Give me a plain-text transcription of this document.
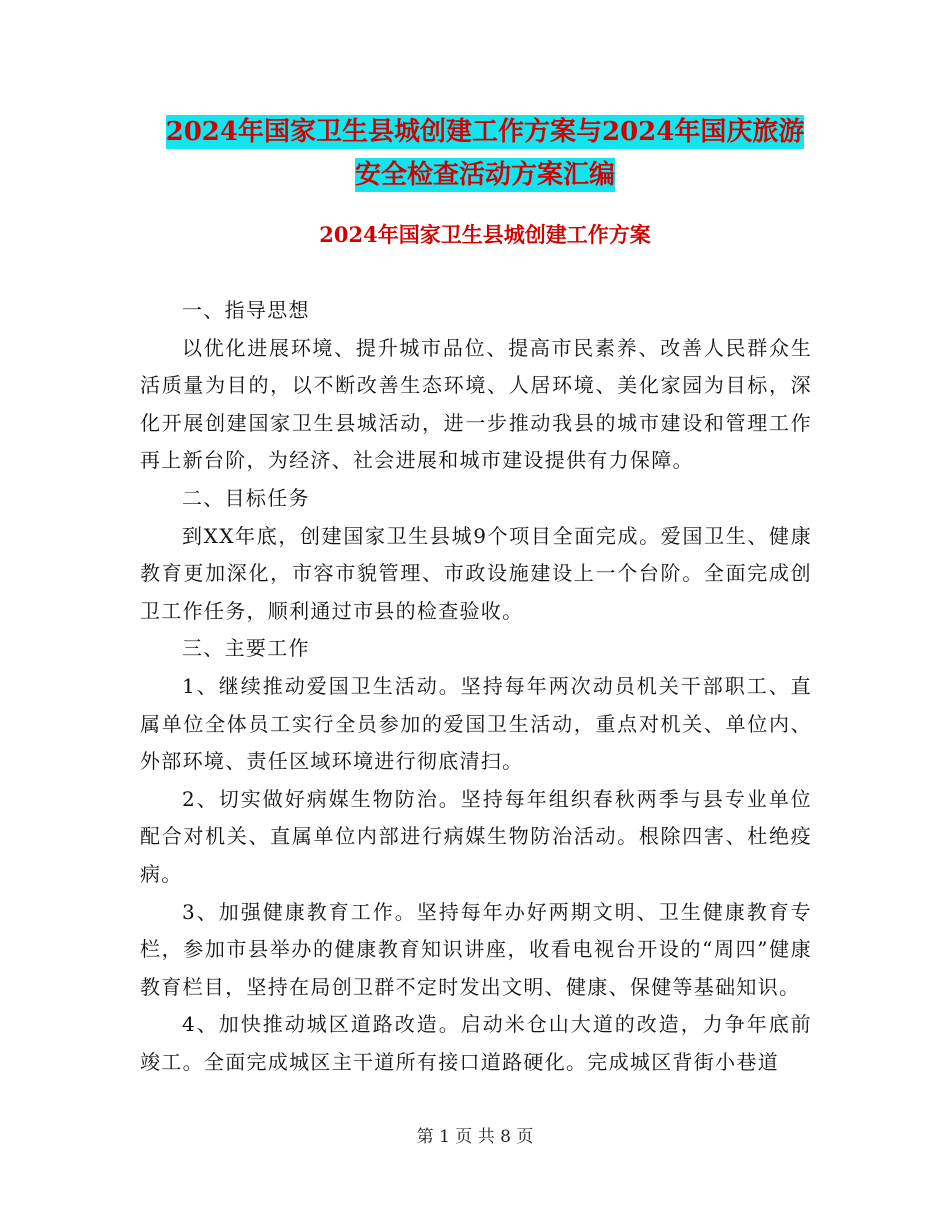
2024年国家卫生县城创建工作方案与2024年国庆旅游
安全检查活动方案汇编
2024年国家卫生县城创建工作方案

一、指导思想

以优化进展环境、提升城市品位、提高市民素养、改善人民群众生活质量为目的，以不断改善生态环境、人居环境、美化家园为目标，深化开展创建国家卫生县城活动，进一步推动我县的城市建设和管理工作再上新台阶，为经济、社会进展和城市建设提供有力保障。

二、目标任务

到XX年底，创建国家卫生县城9个项目全面完成。爱国卫生、健康教育更加深化，市容市貌管理、市政设施建设上一个台阶。全面完成创卫工作任务，顺利通过市县的检查验收。

三、主要工作

1、继续推动爱国卫生活动。坚持每年两次动员机关干部职工、直属单位全体员工实行全员参加的爱国卫生活动，重点对机关、单位内、外部环境、责任区域环境进行彻底清扫。

2、切实做好病媒生物防治。坚持每年组织春秋两季与县专业单位配合对机关、直属单位内部进行病媒生物防治活动。根除四害、杜绝疫病。

3、加强健康教育工作。坚持每年办好两期文明、卫生健康教育专栏，参加市县举办的健康教育知识讲座，收看电视台开设的“周四”健康教育栏目，坚持在局创卫群不定时发出文明、健康、保健等基础知识。

4、加快推动城区道路改造。启动米仓山大道的改造，力争年底前竣工。全面完成城区主干道所有接口道路硬化。完成城区背街小巷道

第 1 页 共 8 页
